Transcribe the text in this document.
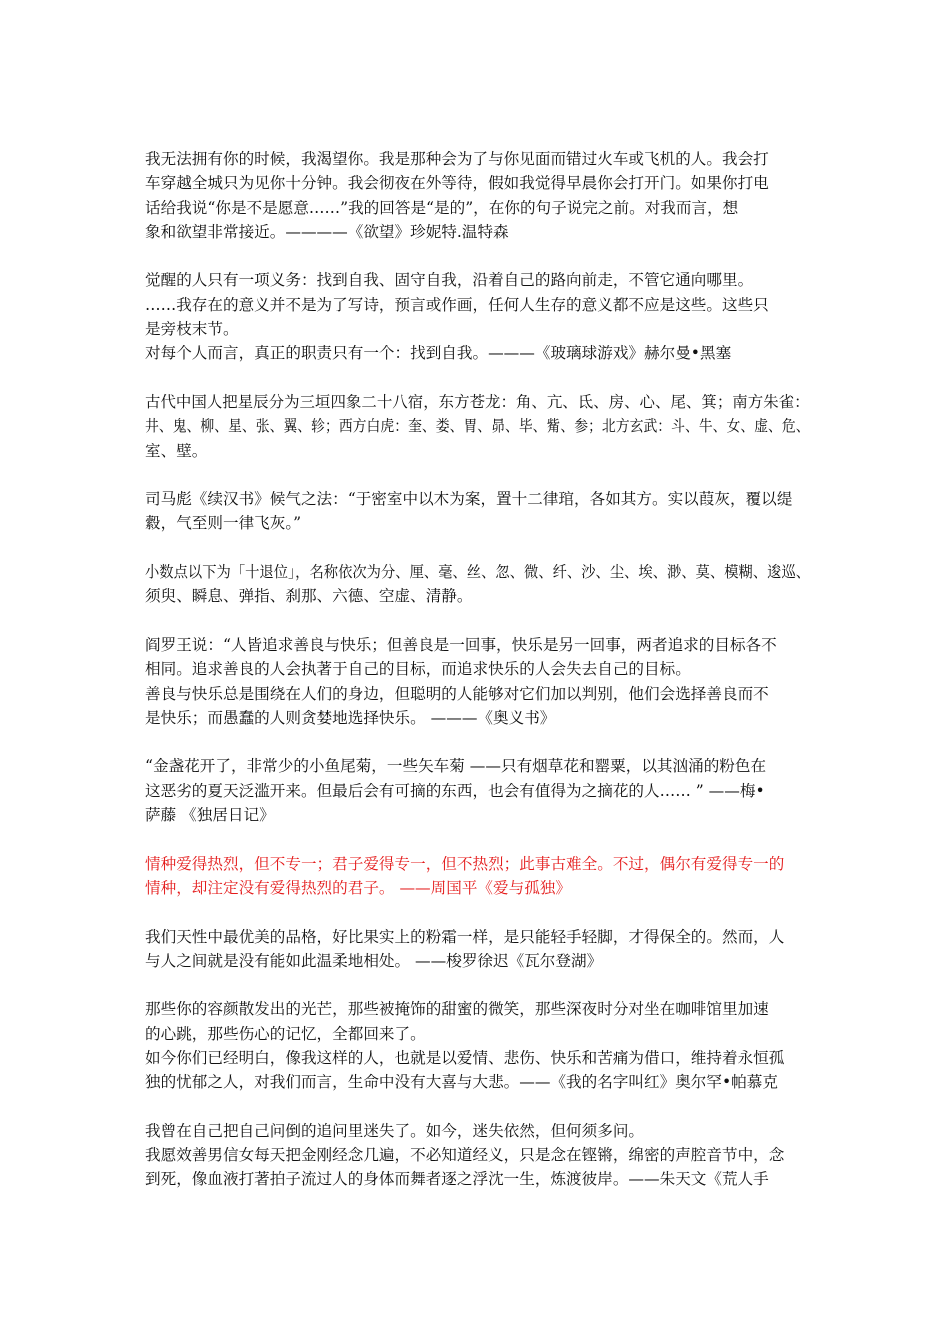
我无法拥有你的时候，我渴望你。我是那种会为了与你见面而错过火车或飞机的人。我会打
车穿越全城只为见你十分钟。我会彻夜在外等待，假如我觉得早晨你会打开门。如果你打电
话给我说“你是不是愿意……”我的回答是“是的”，在你的句子说完之前。对我而言，想
象和欲望非常接近。————《欲望》珍妮特.温特森
觉醒的人只有一项义务：找到自我、固守自我，沿着自己的路向前走，不管它通向哪里。
……我存在的意义并不是为了写诗，预言或作画，任何人生存的意义都不应是这些。这些只
是旁枝末节。
对每个人而言，真正的职责只有一个：找到自我。———《玻璃球游戏》赫尔曼•黑塞
古代中国人把星辰分为三垣四象二十八宿，东方苍龙：角、亢、氐、房、心、尾、箕；南方朱雀：
井、鬼、柳、星、张、翼、轸；西方白虎：奎、娄、胃、昴、毕、觜、参；北方玄武：斗、牛、女、虚、危、
室、壁。
司马彪《续汉书》候气之法：“于密室中以木为案，置十二律琯，各如其方。实以葭灰，覆以缇
縠，气至则一律飞灰。”
小数点以下为「十退位」，名称依次为分、厘、毫、丝、忽、微、纤、沙、尘、埃、渺、莫、模糊、逡巡、
须臾、瞬息、弹指、刹那、六德、空虚、清静。
阎罗王说：“人皆追求善良与快乐；但善良是一回事，快乐是另一回事，两者追求的目标各不
相同。追求善良的人会执著于自己的目标，而追求快乐的人会失去自己的目标。
善良与快乐总是围绕在人们的身边，但聪明的人能够对它们加以判别，他们会选择善良而不
是快乐；而愚蠢的人则贪婪地选择快乐。 ———《奥义书》
“金盏花开了，非常少的小鱼尾菊，一些矢车菊 ——只有烟草花和罂粟，以其汹涌的粉色在
这恶劣的夏天泛滥开来。但最后会有可摘的东西，也会有值得为之摘花的人…… ” ——梅•
萨藤 《独居日记》
情种爱得热烈，但不专一；君子爱得专一，但不热烈；此事古难全。不过，偶尔有爱得专一的
情种，却注定没有爱得热烈的君子。 ——周国平《爱与孤独》
我们天性中最优美的品格，好比果实上的粉霜一样，是只能轻手轻脚，才得保全的。然而，人
与人之间就是没有能如此温柔地相处。 ——梭罗徐迟《瓦尔登湖》
那些你的容颜散发出的光芒，那些被掩饰的甜蜜的微笑，那些深夜时分对坐在咖啡馆里加速
的心跳，那些伤心的记忆，全都回来了。
如今你们已经明白，像我这样的人，也就是以爱情、悲伤、快乐和苦痛为借口，维持着永恒孤
独的忧郁之人，对我们而言，生命中没有大喜与大悲。——《我的名字叫红》奥尔罕•帕慕克
我曾在自己把自己问倒的追问里迷失了。如今，迷失依然，但何须多问。
我愿效善男信女每天把金刚经念几遍，不必知道经义，只是念在铿锵，绵密的声腔音节中，念
到死，像血液打著拍子流过人的身体而舞者逐之浮沈一生，炼渡彼岸。——朱天文《荒人手
